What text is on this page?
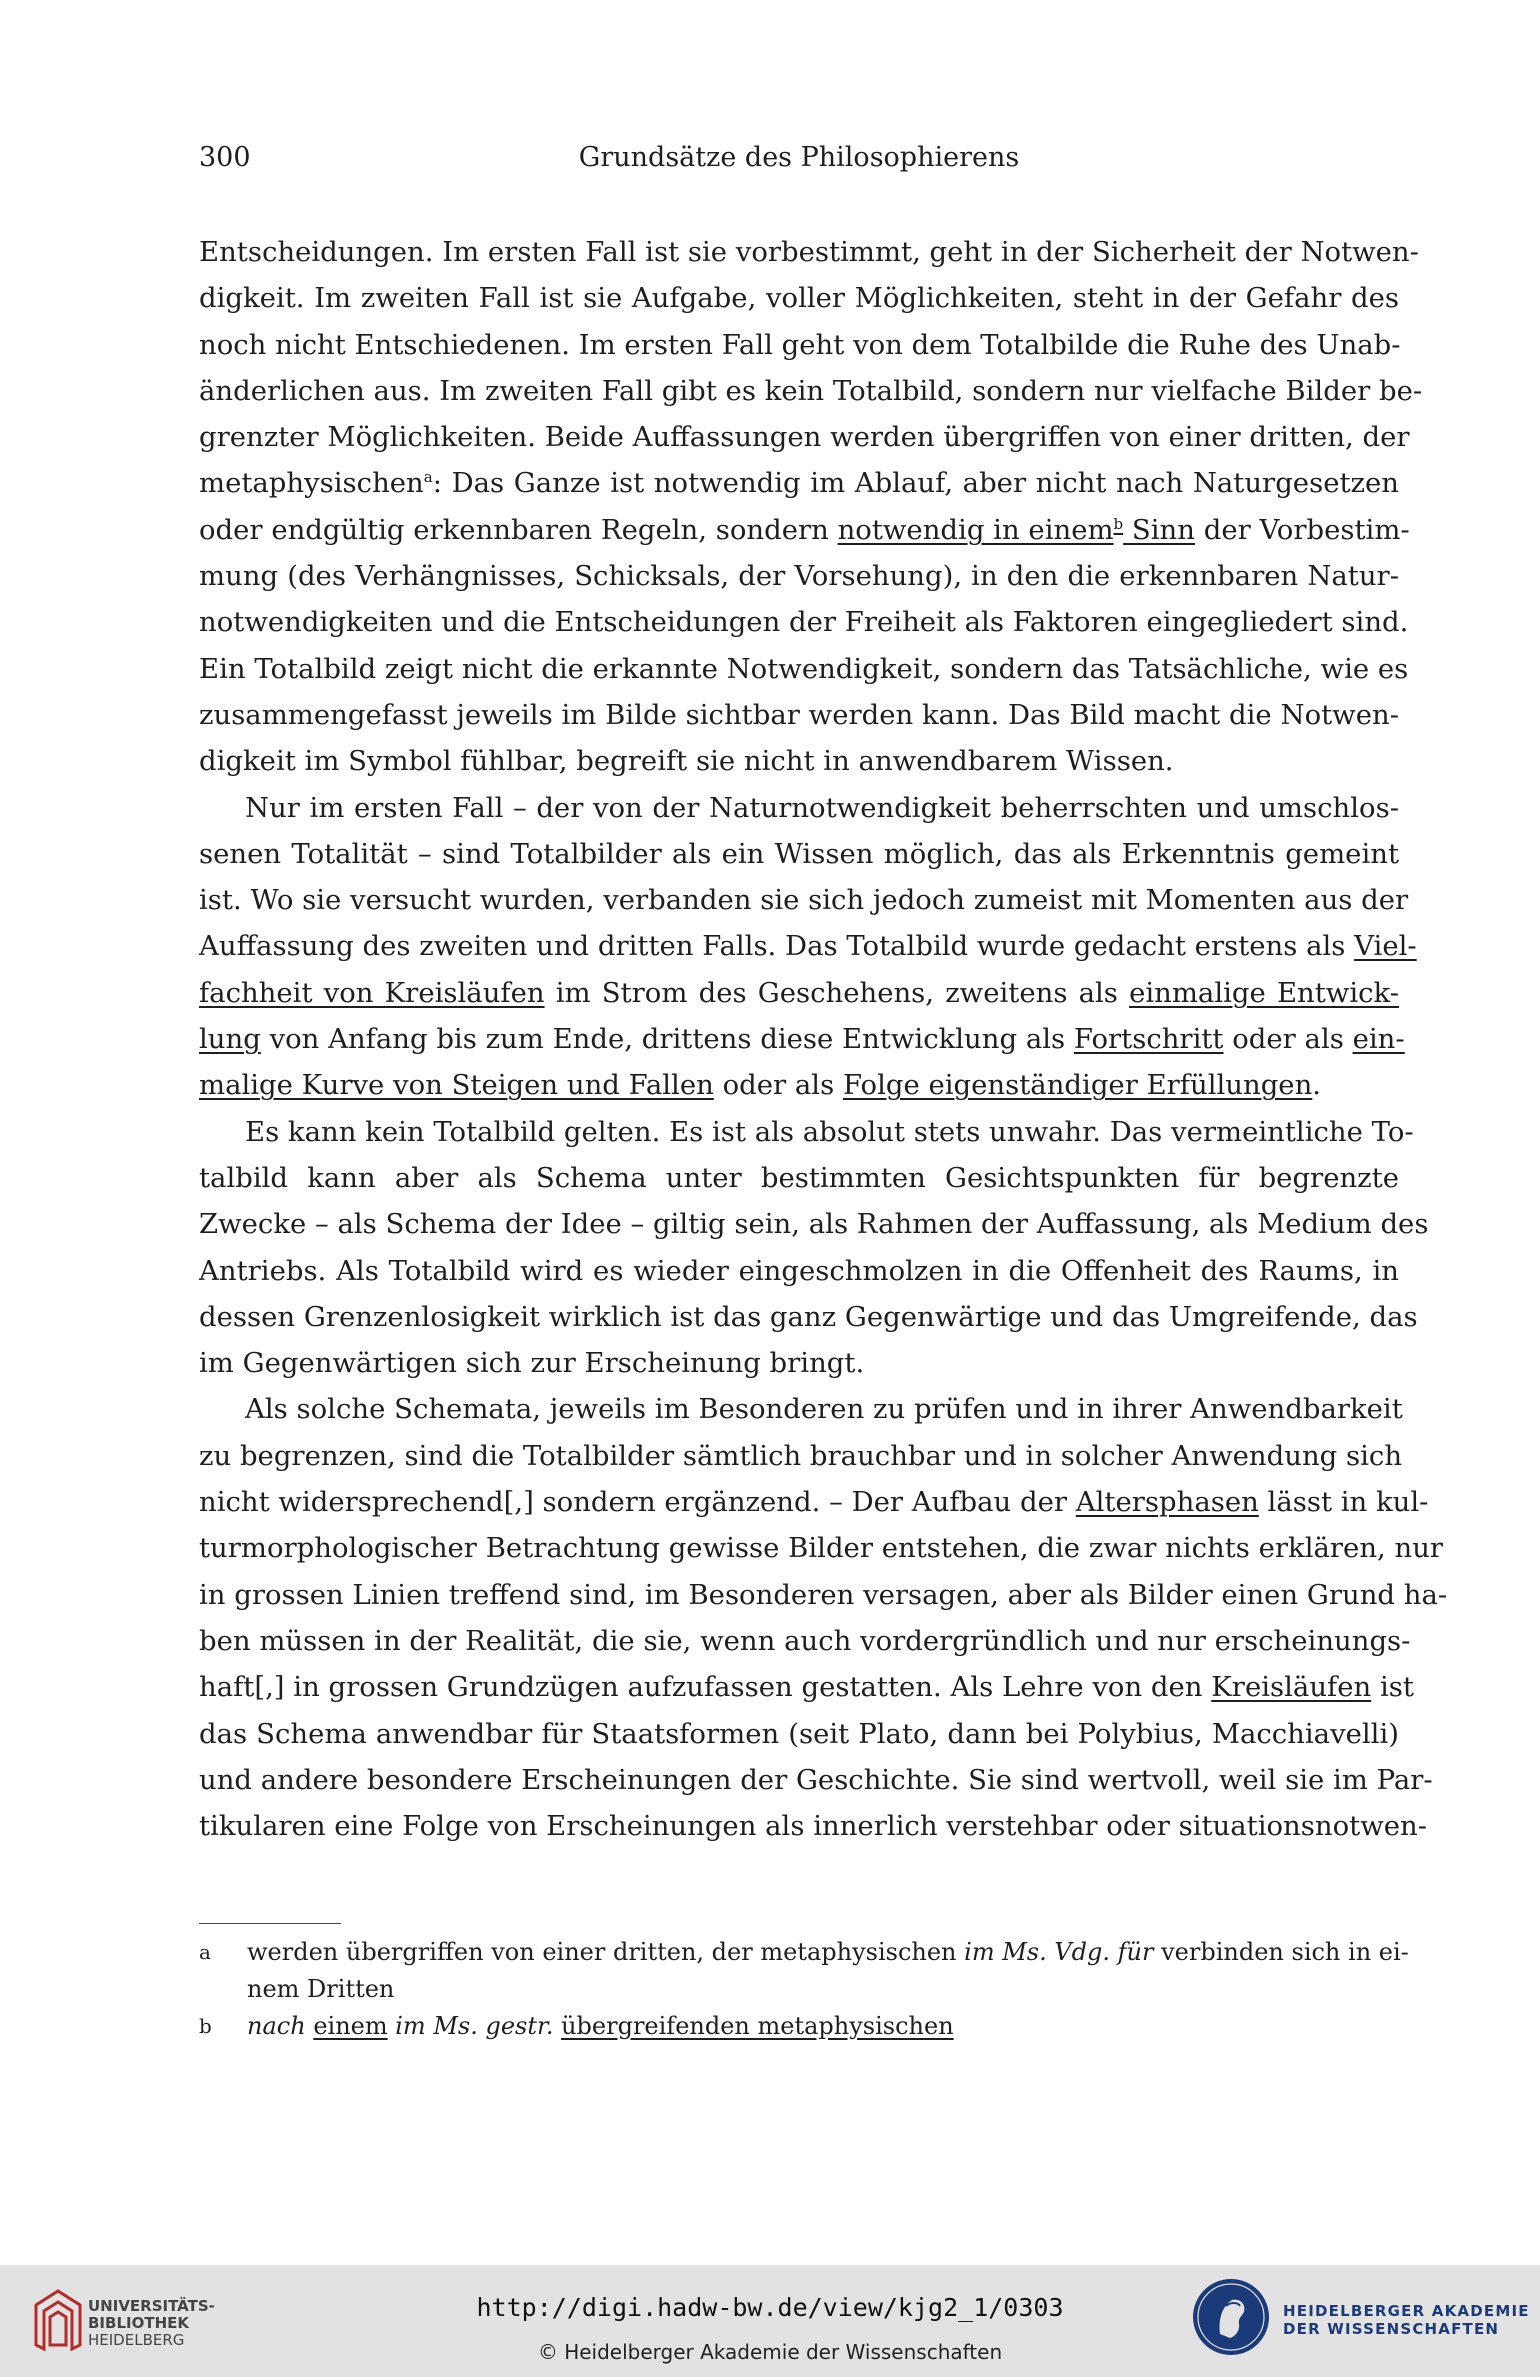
300	Grundsätze des Philosophierens
Entscheidungen. Im ersten Fall ist sie vorbestimmt, geht in der Sicherheit der Notwen-
digkeit. Im zweiten Fall ist sie Aufgabe, voller Möglichkeiten, steht in der Gefahr des
noch nicht Entschiedenen. Im ersten Fall geht von dem Totalbilde die Ruhe des Unab-
änderlichen aus. Im zweiten Fall gibt es kein Totalbild, sondern nur vielfache Bilder be-
grenzter Möglichkeiten. Beide Auffassungen werden übergriffen von einer dritten, der
metaphysischen$^a$: Das Ganze ist notwendig im Ablauf, aber nicht nach Naturgesetzen
oder endgültig erkennbaren Regeln, sondern notwendig in einem$^b$ Sinn der Vorbestim-
mung (des Verhängnisses, Schicksals, der Vorsehung), in den die erkennbaren Natur-
notwendigkeiten und die Entscheidungen der Freiheit als Faktoren eingegliedert sind.
Ein Totalbild zeigt nicht die erkannte Notwendigkeit, sondern das Tatsächliche, wie es
zusammengefasst jeweils im Bilde sichtbar werden kann. Das Bild macht die Notwen-
digkeit im Symbol fühlbar, begreift sie nicht in anwendbarem Wissen.
Nur im ersten Fall – der von der Naturnotwendigkeit beherrschten und umschlos-
senen Totalität – sind Totalbilder als ein Wissen möglich, das als Erkenntnis gemeint
ist. Wo sie versucht wurden, verbanden sie sich jedoch zumeist mit Momenten aus der
Auffassung des zweiten und dritten Falls. Das Totalbild wurde gedacht erstens als Viel-
fachheit von Kreisläufen im Strom des Geschehens, zweitens als einmalige Entwick-
lung von Anfang bis zum Ende, drittens diese Entwicklung als Fortschritt oder als ein-
malige Kurve von Steigen und Fallen oder als Folge eigenständiger Erfüllungen.
Es kann kein Totalbild gelten. Es ist als absolut stets unwahr. Das vermeintliche To-
talbild kann aber als Schema unter bestimmten Gesichtspunkten für begrenzte
Zwecke – als Schema der Idee – giltig sein, als Rahmen der Auffassung, als Medium des
Antriebs. Als Totalbild wird es wieder eingeschmolzen in die Offenheit des Raums, in
dessen Grenzenlosigkeit wirklich ist das ganz Gegenwärtige und das Umgreifende, das
im Gegenwärtigen sich zur Erscheinung bringt.
Als solche Schemata, jeweils im Besonderen zu prüfen und in ihrer Anwendbarkeit
zu begrenzen, sind die Totalbilder sämtlich brauchbar und in solcher Anwendung sich
nicht widersprechend[,] sondern ergänzend. – Der Aufbau der Altersphasen lässt in kul-
turmorphologischer Betrachtung gewisse Bilder entstehen, die zwar nichts erklären, nur
in grossen Linien treffend sind, im Besonderen versagen, aber als Bilder einen Grund ha-
ben müssen in der Realität, die sie, wenn auch vordergründlich und nur erscheinungs-
haft[,] in grossen Grundzügen aufzufassen gestatten. Als Lehre von den Kreisläufen ist
das Schema anwendbar für Staatsformen (seit Plato, dann bei Polybius, Macchiavelli)
und andere besondere Erscheinungen der Geschichte. Sie sind wertvoll, weil sie im Par-
tikularen eine Folge von Erscheinungen als innerlich verstehbar oder situationsnotwen-
a werden übergriffen von einer dritten, der metaphysischen im Ms. Vdg. für verbinden sich in ei-
nem Dritten
b nach einem im Ms. gestr. übergreifenden metaphysischen
UNIVERSITÄTS-
BIBLIOTHEK
HEIDELBERG
http://digi.hadw-bw.de/view/kjg2_1/0303
© Heidelberger Akademie der Wissenschaften
HEIDELBERGER AKADEMIE
DER WISSENSCHAFTEN
